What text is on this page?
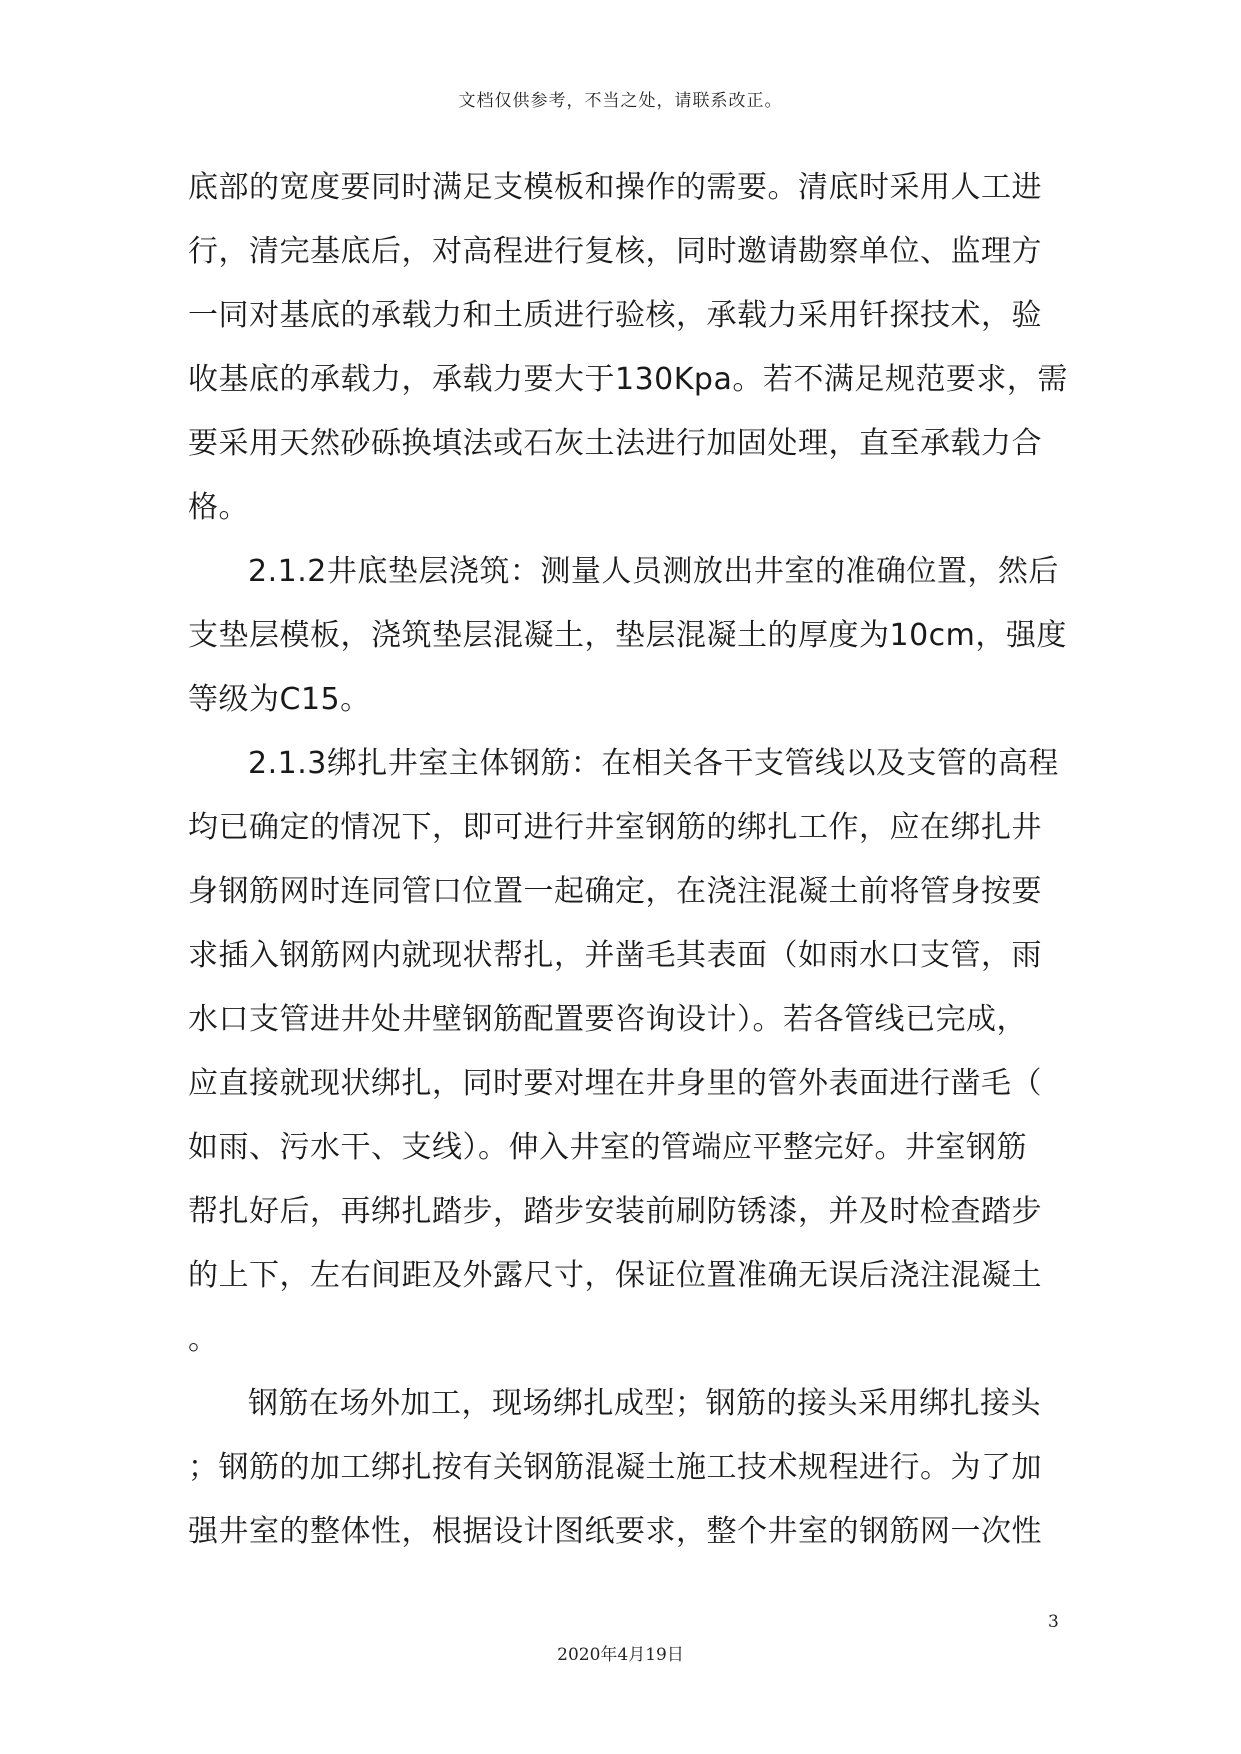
文档仅供参考，不当之处，请联系改正。
底部的宽度要同时满足支模板和操作的需要。清底时采用人工进
行，清完基底后，对高程进行复核，同时邀请勘察单位、监理方
一同对基底的承载力和土质进行验核，承载力采用钎探技术，验
收基底的承载力，承载力要大于130Kpa。若不满足规范要求，需
要采用天然砂砾换填法或石灰土法进行加固处理，直至承载力合
格。
2.1.2井底垫层浇筑：测量人员测放出井室的准确位置，然后
支垫层模板，浇筑垫层混凝土，垫层混凝土的厚度为10cm，强度
等级为C15。
2.1.3绑扎井室主体钢筋：在相关各干支管线以及支管的高程
均已确定的情况下，即可进行井室钢筋的绑扎工作，应在绑扎井
身钢筋网时连同管口位置一起确定，在浇注混凝土前将管身按要
求插入钢筋网内就现状帮扎，并凿毛其表面（如雨水口支管，雨
水口支管进井处井壁钢筋配置要咨询设计）。若各管线已完成，
应直接就现状绑扎，同时要对埋在井身里的管外表面进行凿毛（
如雨、污水干、支线）。伸入井室的管端应平整完好。井室钢筋
帮扎好后，再绑扎踏步，踏步安装前刷防锈漆，并及时检查踏步
的上下，左右间距及外露尺寸，保证位置准确无误后浇注混凝土
。
钢筋在场外加工，现场绑扎成型；钢筋的接头采用绑扎接头
；钢筋的加工绑扎按有关钢筋混凝土施工技术规程进行。为了加
强井室的整体性，根据设计图纸要求，整个井室的钢筋网一次性
3
2020年4月19日
